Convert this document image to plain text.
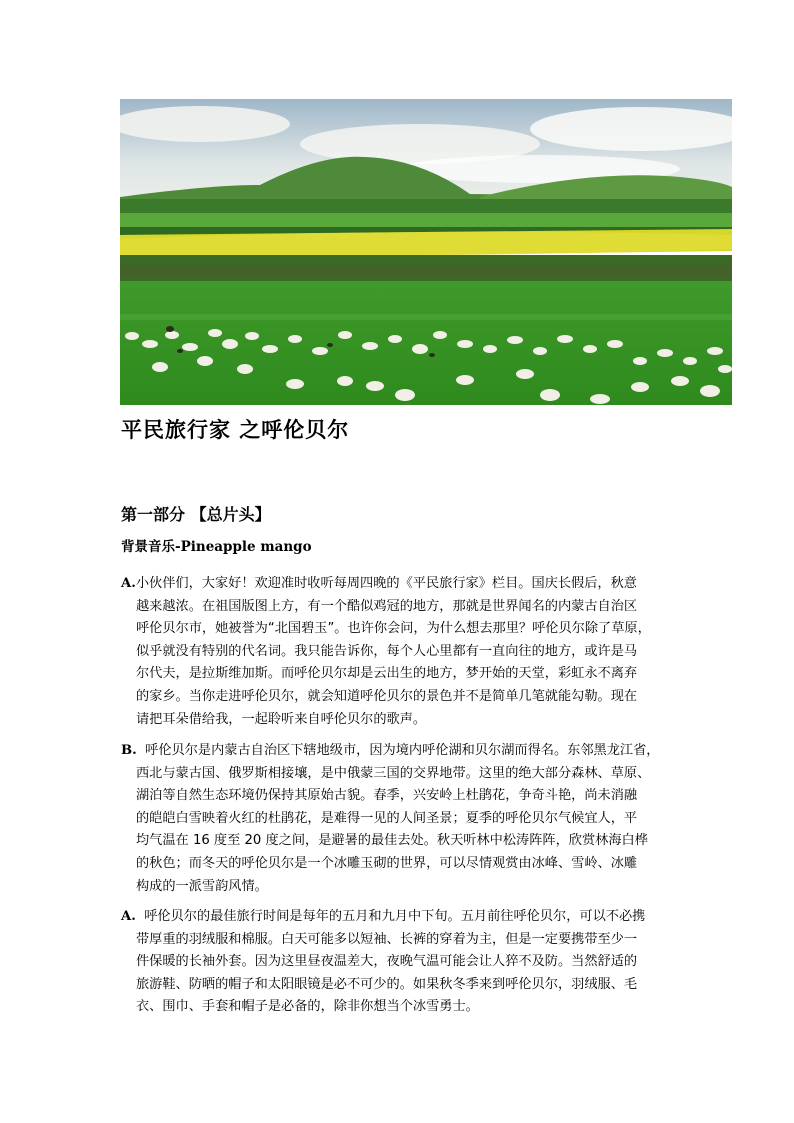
平民旅行家 之呼伦贝尔
第一部分 【总片头】
背景音乐-Pineapple mango
A.小伙伴们，大家好！欢迎准时收听每周四晚的《平民旅行家》栏目。国庆长假后，秋意
越来越浓。在祖国版图上方，有一个酷似鸡冠的地方，那就是世界闻名的内蒙古自治区
呼伦贝尔市，她被誉为“北国碧玉”。也许你会问，为什么想去那里？呼伦贝尔除了草原，
似乎就没有特别的代名词。我只能告诉你，每个人心里都有一直向往的地方，或许是马
尔代夫，是拉斯维加斯。而呼伦贝尔却是云出生的地方，梦开始的天堂，彩虹永不离弃
的家乡。当你走进呼伦贝尔，就会知道呼伦贝尔的景色并不是简单几笔就能勾勒。现在
请把耳朵借给我，一起聆听来自呼伦贝尔的歌声。
B. 呼伦贝尔是内蒙古自治区下辖地级市，因为境内呼伦湖和贝尔湖而得名。东邻黑龙江省，
西北与蒙古国、俄罗斯相接壤，是中俄蒙三国的交界地带。这里的绝大部分森林、草原、
湖泊等自然生态环境仍保持其原始古貌。春季，兴安岭上杜鹃花，争奇斗艳，尚未消融
的皑皑白雪映着火红的杜鹃花，是难得一见的人间圣景；夏季的呼伦贝尔气候宜人，平
均气温在 16 度至 20 度之间，是避暑的最佳去处。秋天听林中松涛阵阵，欣赏林海白桦
的秋色；而冬天的呼伦贝尔是一个冰雕玉砌的世界，可以尽情观赏由冰峰、雪岭、冰雕
构成的一派雪韵风情。
A. 呼伦贝尔的最佳旅行时间是每年的五月和九月中下旬。五月前往呼伦贝尔，可以不必携
带厚重的羽绒服和棉服。白天可能多以短袖、长裤的穿着为主，但是一定要携带至少一
件保暖的长袖外套。因为这里昼夜温差大，夜晚气温可能会让人猝不及防。当然舒适的
旅游鞋、防晒的帽子和太阳眼镜是必不可少的。如果秋冬季来到呼伦贝尔，羽绒服、毛
衣、围巾、手套和帽子是必备的，除非你想当个冰雪勇士。
